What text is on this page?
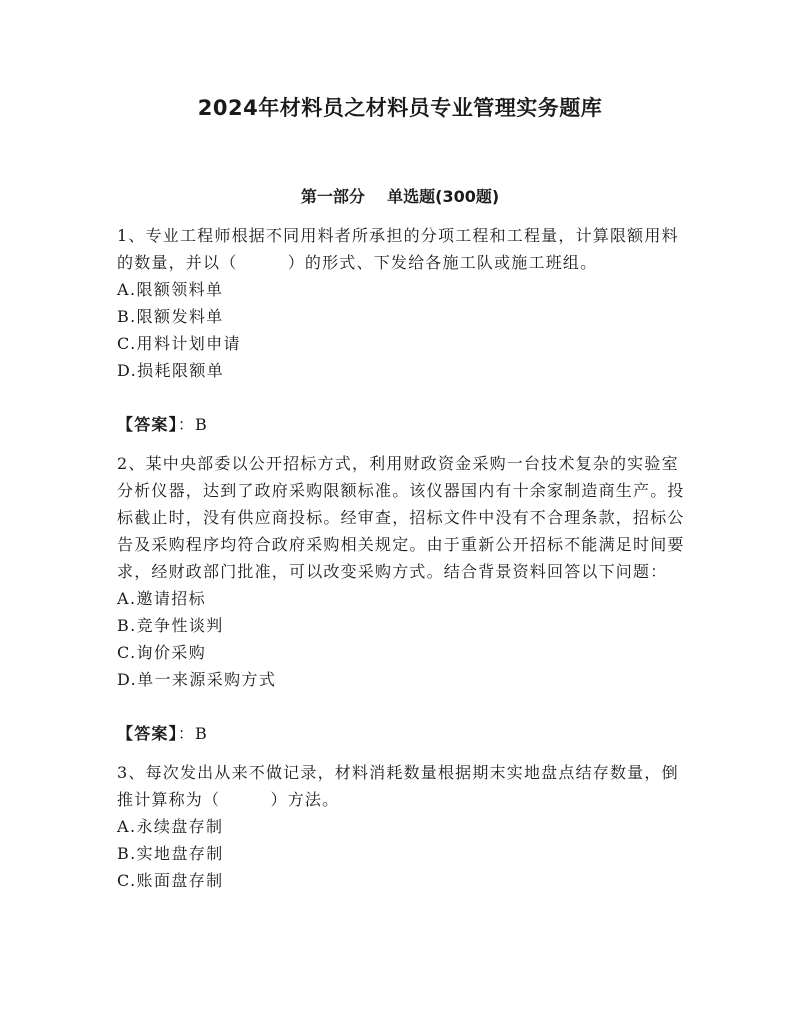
2024年材料员之材料员专业管理实务题库
第一部分    单选题(300题)

1、专业工程师根据不同用料者所承担的分项工程和工程量，计算限额用料的数量，并以（        ）的形式、下发给各施工队或施工班组。

A.限额领料单

B.限额发料单

C.用料计划申请

D.损耗限额单

【答案】：B

2、某中央部委以公开招标方式，利用财政资金采购一台技术复杂的实验室分析仪器，达到了政府采购限额标准。该仪器国内有十余家制造商生产。投标截止时，没有供应商投标。经审查，招标文件中没有不合理条款，招标公告及采购程序均符合政府采购相关规定。由于重新公开招标不能满足时间要求，经财政部门批准，可以改变采购方式。结合背景资料回答以下问题：

A.邀请招标

B.竞争性谈判

C.询价采购

D.单一来源采购方式

【答案】：B

3、每次发出从来不做记录，材料消耗数量根据期末实地盘点结存数量，倒推计算称为（        ）方法。

A.永续盘存制

B.实地盘存制

C.账面盘存制
